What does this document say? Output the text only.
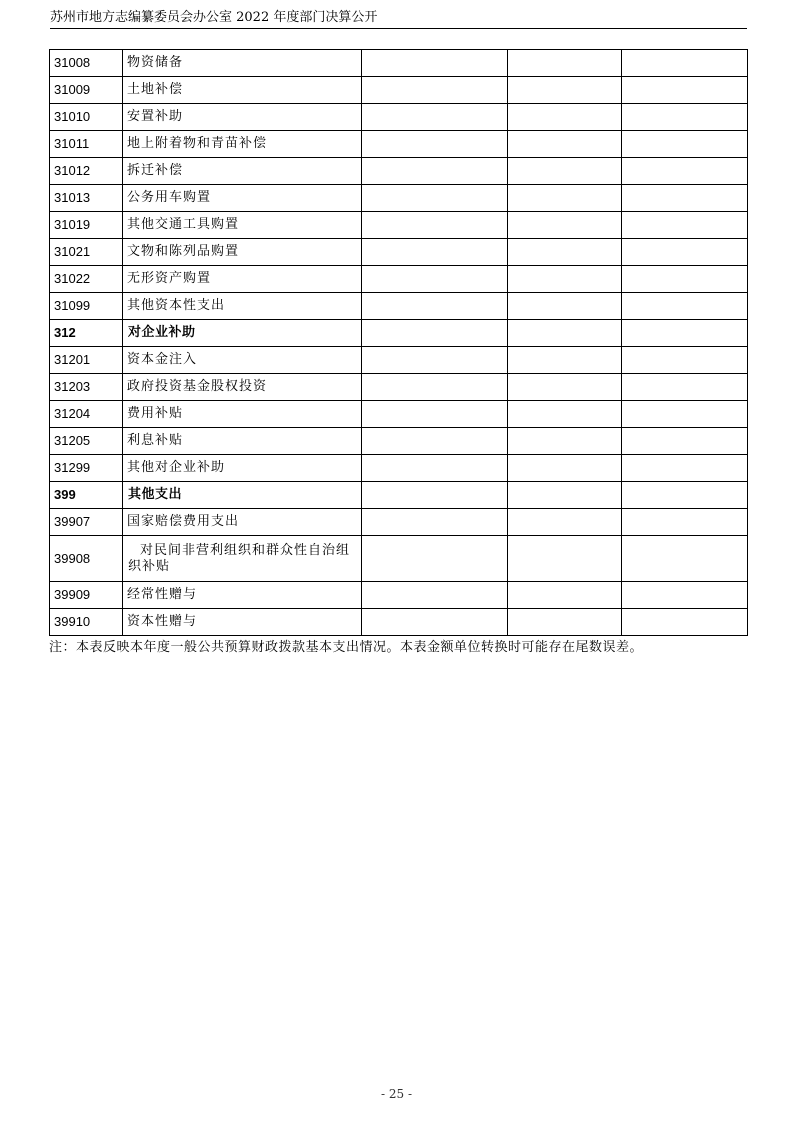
苏州市地方志编纂委员会办公室 2022 年度部门决算公开
31008	物资储备			
31009	土地补偿			
31010	安置补助			
31011	地上附着物和青苗补偿			
31012	拆迁补偿			
31013	公务用车购置			
31019	其他交通工具购置			
31021	文物和陈列品购置			
31022	无形资产购置			
31099	其他资本性支出			
312	对企业补助			
31201	资本金注入			
31203	政府投资基金股权投资			
31204	费用补贴			
31205	利息补贴			
31299	其他对企业补助			
399	其他支出			
39907	国家赔偿费用支出			
39908	对民间非营利组织和群众性自治组织补贴			
39909	经常性赠与			
39910	资本性赠与			
注：本表反映本年度一般公共预算财政拨款基本支出情况。本表金额单位转换时可能存在尾数误差。
- 25 -
